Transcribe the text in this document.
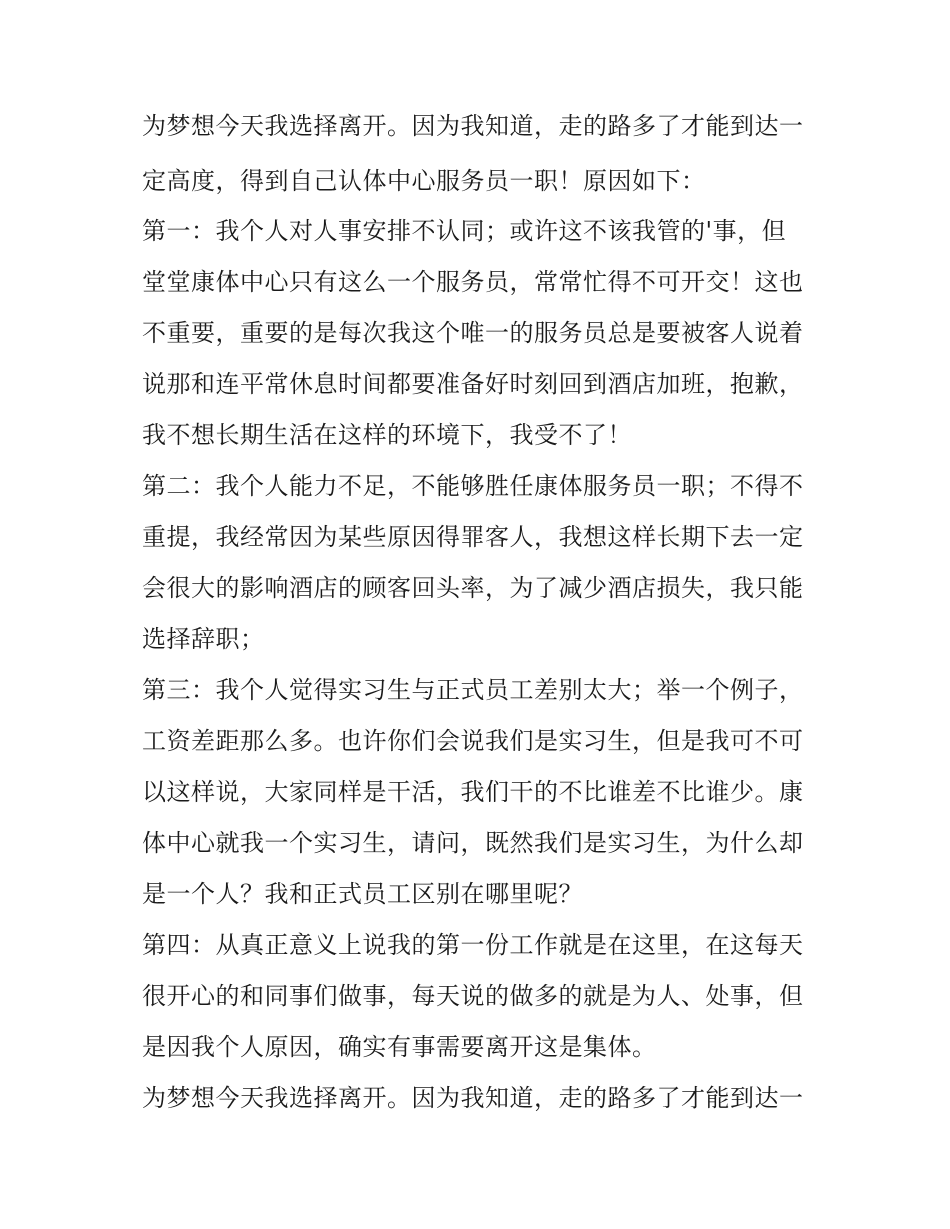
为梦想今天我选择离开。因为我知道，走的路多了才能到达一
定高度，得到自己认体中心服务员一职！原因如下：
第一：我个人对人事安排不认同；或许这不该我管的'事，但
堂堂康体中心只有这么一个服务员，常常忙得不可开交！这也
不重要，重要的是每次我这个唯一的服务员总是要被客人说着
说那和连平常休息时间都要准备好时刻回到酒店加班，抱歉，
我不想长期生活在这样的环境下，我受不了！
第二：我个人能力不足，不能够胜任康体服务员一职；不得不
重提，我经常因为某些原因得罪客人，我想这样长期下去一定
会很大的影响酒店的顾客回头率，为了减少酒店损失，我只能
选择辞职；
第三：我个人觉得实习生与正式员工差别太大；举一个例子，
工资差距那么多。也许你们会说我们是实习生，但是我可不可
以这样说，大家同样是干活，我们干的不比谁差不比谁少。康
体中心就我一个实习生，请问，既然我们是实习生，为什么却
是一个人？我和正式员工区别在哪里呢？
第四：从真正意义上说我的第一份工作就是在这里，在这每天
很开心的和同事们做事，每天说的做多的就是为人、处事，但
是因我个人原因，确实有事需要离开这是集体。
为梦想今天我选择离开。因为我知道，走的路多了才能到达一
